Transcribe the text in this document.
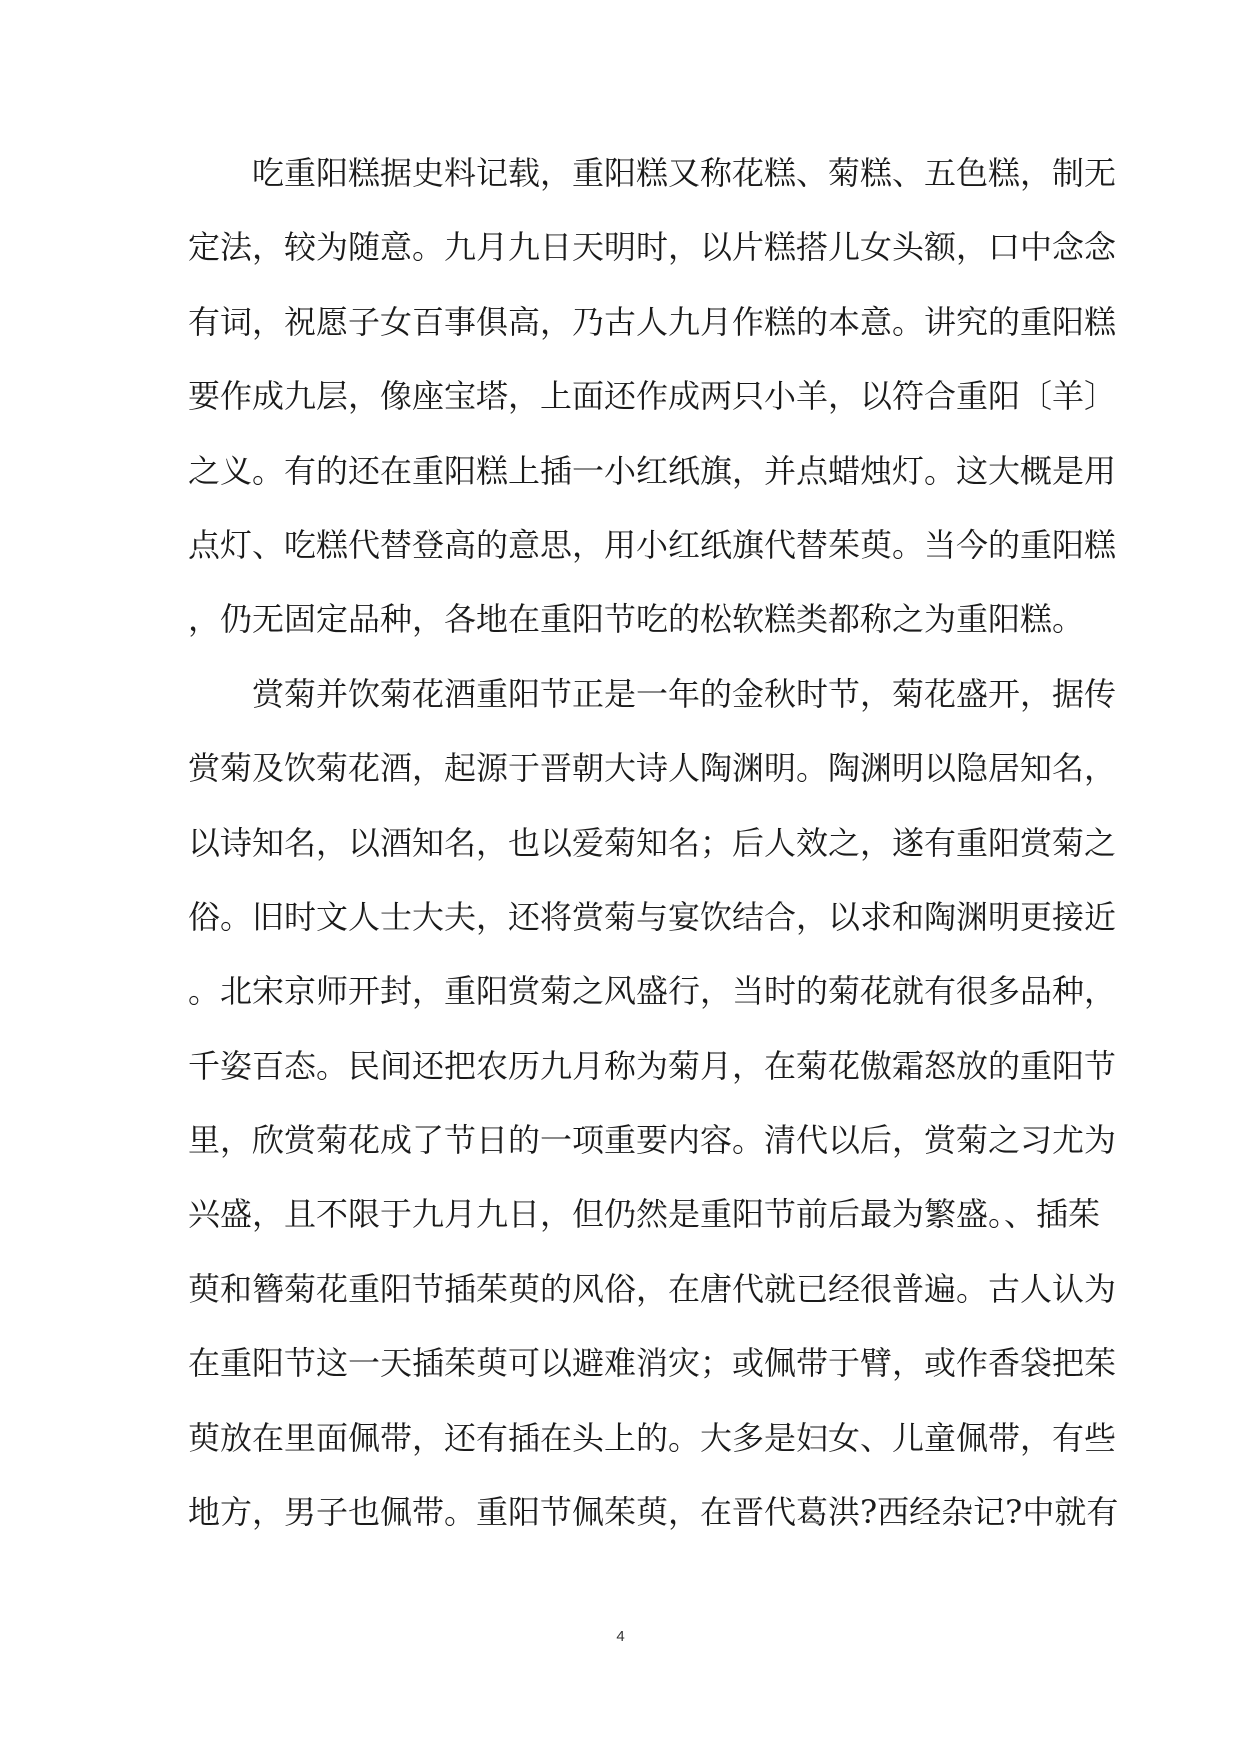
　　吃重阳糕据史料记载，重阳糕又称花糕、菊糕、五色糕，制无
定法，较为随意。九月九日天明时，以片糕搭儿女头额，口中念念
有词，祝愿子女百事俱高，乃古人九月作糕的本意。讲究的重阳糕
要作成九层，像座宝塔，上面还作成两只小羊，以符合重阳〔羊〕
之义。有的还在重阳糕上插一小红纸旗，并点蜡烛灯。这大概是用
点灯、吃糕代替登高的意思，用小红纸旗代替茱萸。当今的重阳糕
，仍无固定品种，各地在重阳节吃的松软糕类都称之为重阳糕。
　　赏菊并饮菊花酒重阳节正是一年的金秋时节，菊花盛开，据传
赏菊及饮菊花酒，起源于晋朝大诗人陶渊明。陶渊明以隐居知名，
以诗知名，以酒知名，也以爱菊知名；后人效之，遂有重阳赏菊之
俗。旧时文人士大夫，还将赏菊与宴饮结合，以求和陶渊明更接近
。北宋京师开封，重阳赏菊之风盛行，当时的菊花就有很多品种，
千姿百态。民间还把农历九月称为菊月，在菊花傲霜怒放的重阳节
里，欣赏菊花成了节日的一项重要内容。清代以后，赏菊之习尤为
兴盛，且不限于九月九日，但仍然是重阳节前后最为繁盛。、插茱
萸和簪菊花重阳节插茱萸的风俗，在唐代就已经很普遍。古人认为
在重阳节这一天插茱萸可以避难消灾；或佩带于臂，或作香袋把茱
萸放在里面佩带，还有插在头上的。大多是妇女、儿童佩带，有些
地方，男子也佩带。重阳节佩茱萸，在晋代葛洪?西经杂记?中就有
4
